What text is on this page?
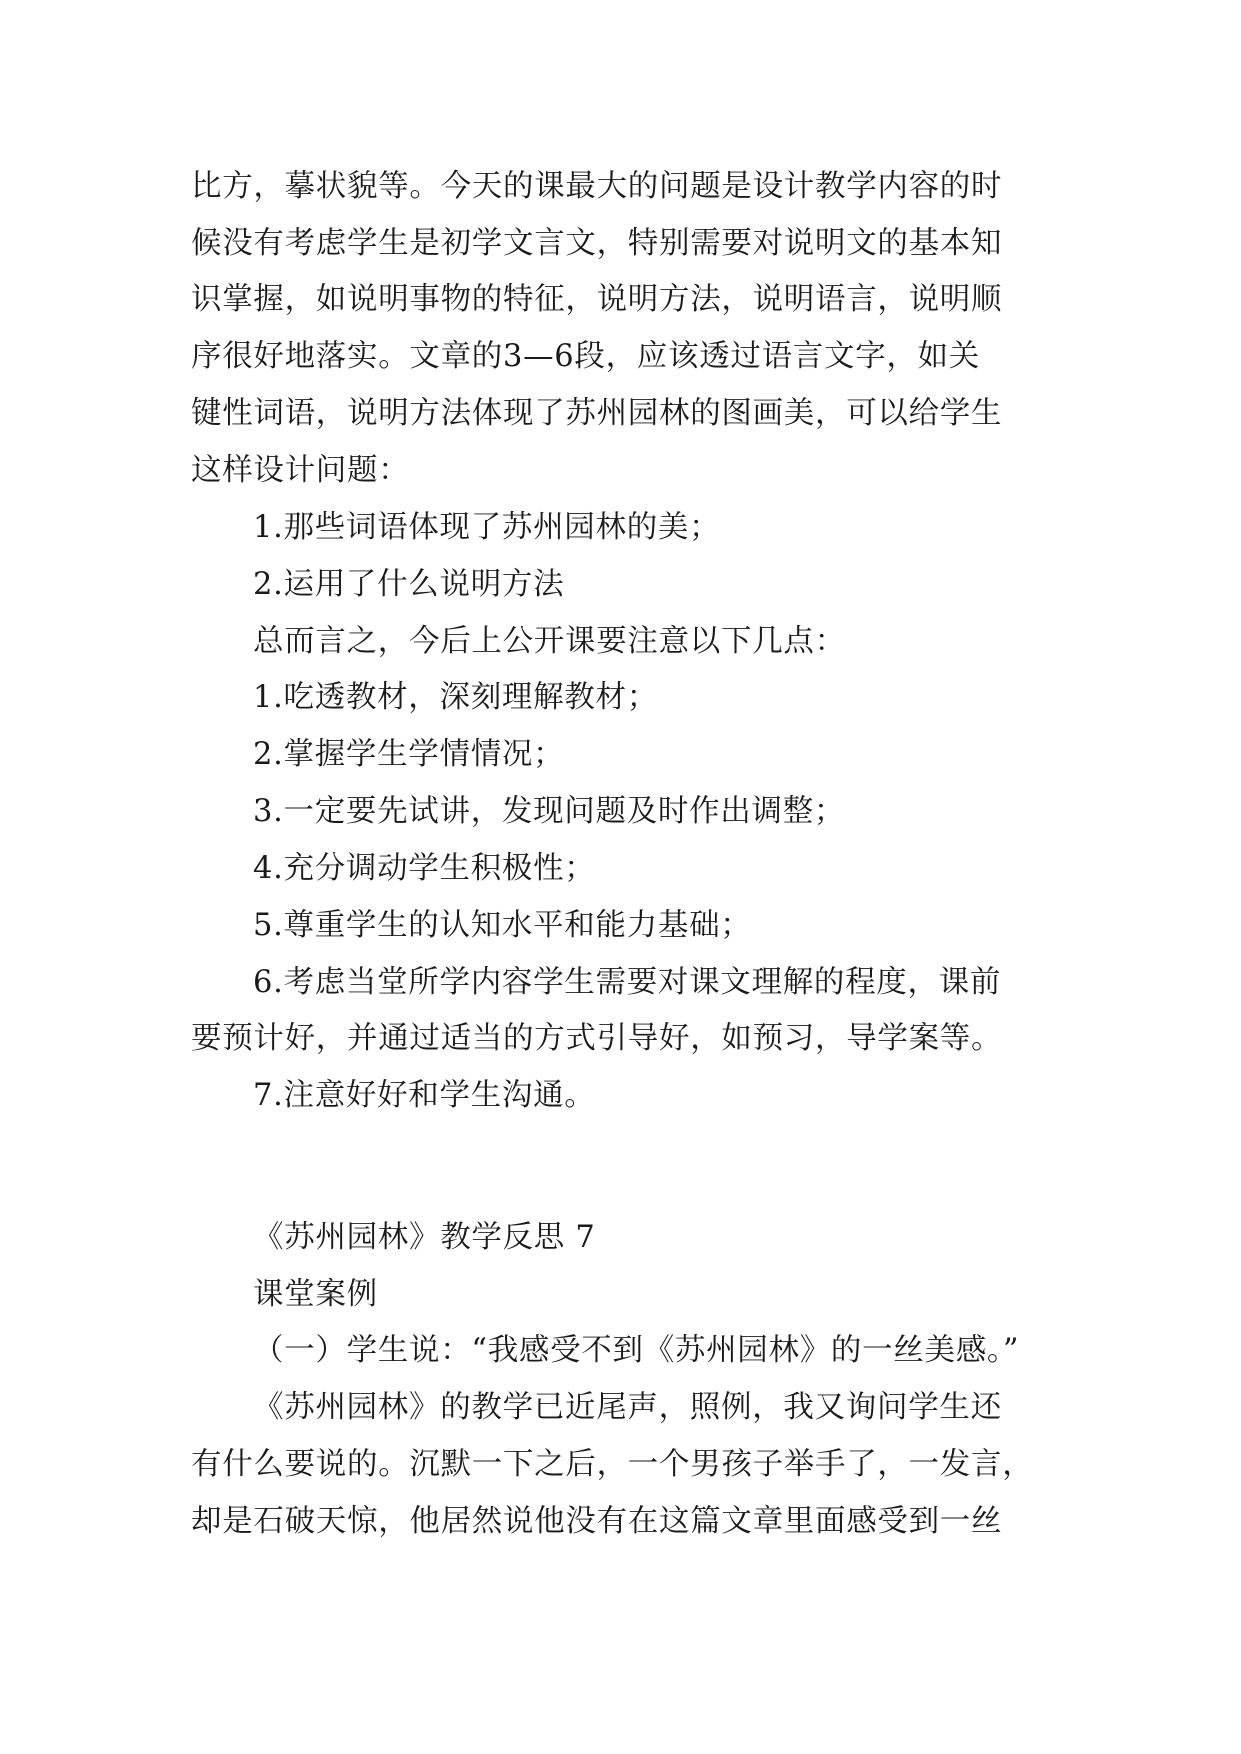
比方，摹状貌等。今天的课最大的问题是设计教学内容的时

候没有考虑学生是初学文言文，特别需要对说明文的基本知

识掌握，如说明事物的特征，说明方法，说明语言，说明顺

序很好地落实。文章的3—6段，应该透过语言文字，如关

键性词语，说明方法体现了苏州园林的图画美，可以给学生

这样设计问题：

1.那些词语体现了苏州园林的美；

2.运用了什么说明方法

总而言之，今后上公开课要注意以下几点：

1.吃透教材，深刻理解教材；

2.掌握学生学情情况；

3.一定要先试讲，发现问题及时作出调整；

4.充分调动学生积极性；

5.尊重学生的认知水平和能力基础；

6.考虑当堂所学内容学生需要对课文理解的程度，课前

要预计好，并通过适当的方式引导好，如预习，导学案等。

7.注意好好和学生沟通。

《苏州园林》教学反思 7

课堂案例

（一）学生说：“我感受不到《苏州园林》的一丝美感。”

《苏州园林》的教学已近尾声，照例，我又询问学生还

有什么要说的。沉默一下之后，一个男孩子举手了，一发言，

却是石破天惊，他居然说他没有在这篇文章里面感受到一丝
